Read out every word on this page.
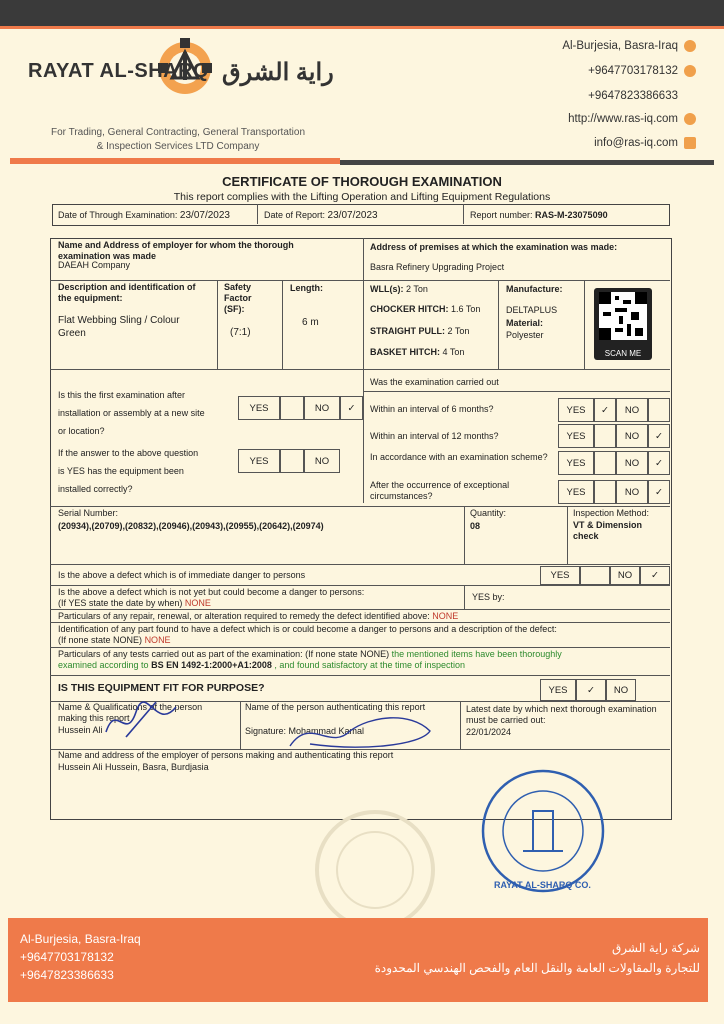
RAYAT AL-SHARQ راية الشرق
For Trading, General Contracting, General Transportation
& Inspection Services LTD Company
Al-Burjesia, Basra-Iraq
+9647703178132
+9647823386633
http://www.ras-iq.com
info@ras-iq.com
CERTIFICATE OF THOROUGH EXAMINATION
This report complies with the Lifting Operation and Lifting Equipment Regulations
Date of Through Examination: 23/07/2023	Date of Report: 23/07/2023	Report number: RAS-M-23075090
Name and Address of employer for whom the thorough examination was made
DAEAH Company
Address of premises at which the examination was made:
Basra Refinery Upgrading Project
Description and identification of the equipment:
Flat Webbing Sling / Colour Green
Safety Factor (SF):
(7:1)
Length:
6 m
WLL(s): 2 Ton
CHOCKER HITCH: 1.6 Ton
STRAIGHT PULL: 2 Ton
BASKET HITCH: 4 Ton
Manufacture:
DELTAPLUS
Material:
Polyester
SCAN ME
Is this the first examination after
installation or assembly at a new site
or location?
YES	NO ✓
If the answer to the above question
is YES has the equipment been
installed correctly?
YES	NO
Was the examination carried out
Within an interval of 6 months?	YES ✓ NO
Within an interval of 12 months?	YES	NO ✓
In accordance with an examination scheme?
YES	NO ✓
After the occurrence of exceptional circumstances?	YES	NO ✓
Serial Number:
(20934),(20709),(20832),(20946),(20943),(20955),(20642),(20974)
Quantity:
08
Inspection Method:
VT & Dimension check
Is the above a defect which is of immediate danger to persons	YES	NO ✓
Is the above a defect which is not yet but could become a danger to persons:
(If YES state the date by when) NONE
YES by:
Particulars of any repair, renewal, or alteration required to remedy the defect identified above: NONE
Identification of any part found to have a defect which is or could become a danger to persons and a description of the defect:
(If none state NONE) NONE
Particulars of any tests carried out as part of the examination: (If none state NONE) the mentioned items have been thoroughly
examined according to BS EN 1492-1:2000+A1:2008 , and found satisfactory at the time of inspection
IS THIS EQUIPMENT FIT FOR PURPOSE?	YES ✓ NO
Name & Qualifications of the person making this report
Hussein Ali
Name of the person authenticating this report
Signature: Mohammad Kamal
Latest date by which next thorough examination must be carried out:
22/01/2024
Name and address of the employer of persons making and authenticating this report
Hussein Ali Hussein, Basra, Burdjasia
RAYAT AL-SHARQ CO.
Al-Burjesia, Basra-Iraq
+9647703178132
+9647823386633
شركة راية الشرق
للتجارة والمقاولات العامة والنقل العام والفحص الهندسي المحدودة
